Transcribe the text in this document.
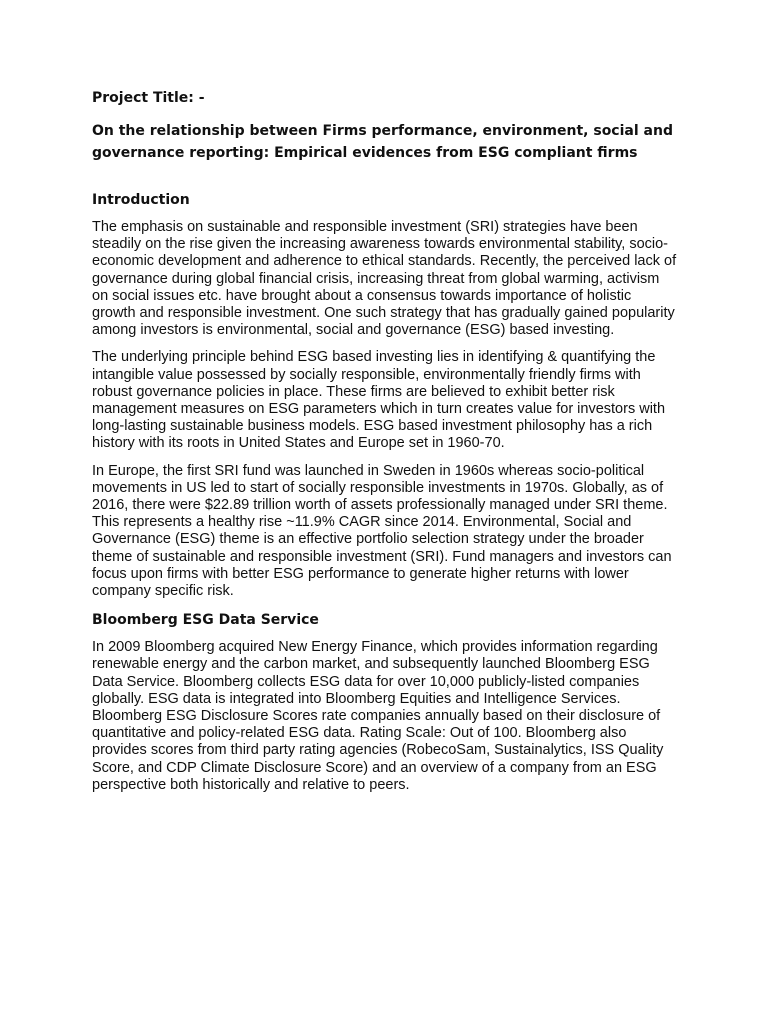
Project Title: -
On the relationship between Firms performance, environment, social and governance reporting: Empirical evidences from ESG compliant firms
Introduction

The emphasis on sustainable and responsible investment (SRI) strategies have been steadily on the rise given the increasing awareness towards environmental stability, socio-economic development and adherence to ethical standards. Recently, the perceived lack of governance during global financial crisis, increasing threat from global warming, activism on social issues etc. have brought about a consensus towards importance of holistic growth and responsible investment. One such strategy that has gradually gained popularity among investors is environmental, social and governance (ESG) based investing.

The underlying principle behind ESG based investing lies in identifying & quantifying the intangible value possessed by socially responsible, environmentally friendly firms with robust governance policies in place. These firms are believed to exhibit better risk management measures on ESG parameters which in turn creates value for investors with long-lasting sustainable business models. ESG based investment philosophy has a rich history with its roots in United States and Europe set in 1960-70.

In Europe, the first SRI fund was launched in Sweden in 1960s whereas socio-political movements in US led to start of socially responsible investments in 1970s. Globally, as of 2016, there were $22.89 trillion worth of assets professionally managed under SRI theme. This represents a healthy rise ~11.9% CAGR since 2014. Environmental, Social and Governance (ESG) theme is an effective portfolio selection strategy under the broader theme of sustainable and responsible investment (SRI). Fund managers and investors can focus upon firms with better ESG performance to generate higher returns with lower company specific risk.

Bloomberg ESG Data Service

In 2009 Bloomberg acquired New Energy Finance, which provides information regarding renewable energy and the carbon market, and subsequently launched Bloomberg ESG Data Service. Bloomberg collects ESG data for over 10,000 publicly-listed companies globally. ESG data is integrated into Bloomberg Equities and Intelligence Services. Bloomberg ESG Disclosure Scores rate companies annually based on their disclosure of quantitative and policy-related ESG data. Rating Scale: Out of 100. Bloomberg also provides scores from third party rating agencies (RobecoSam, Sustainalytics, ISS Quality Score, and CDP Climate Disclosure Score) and an overview of a company from an ESG perspective both historically and relative to peers.
